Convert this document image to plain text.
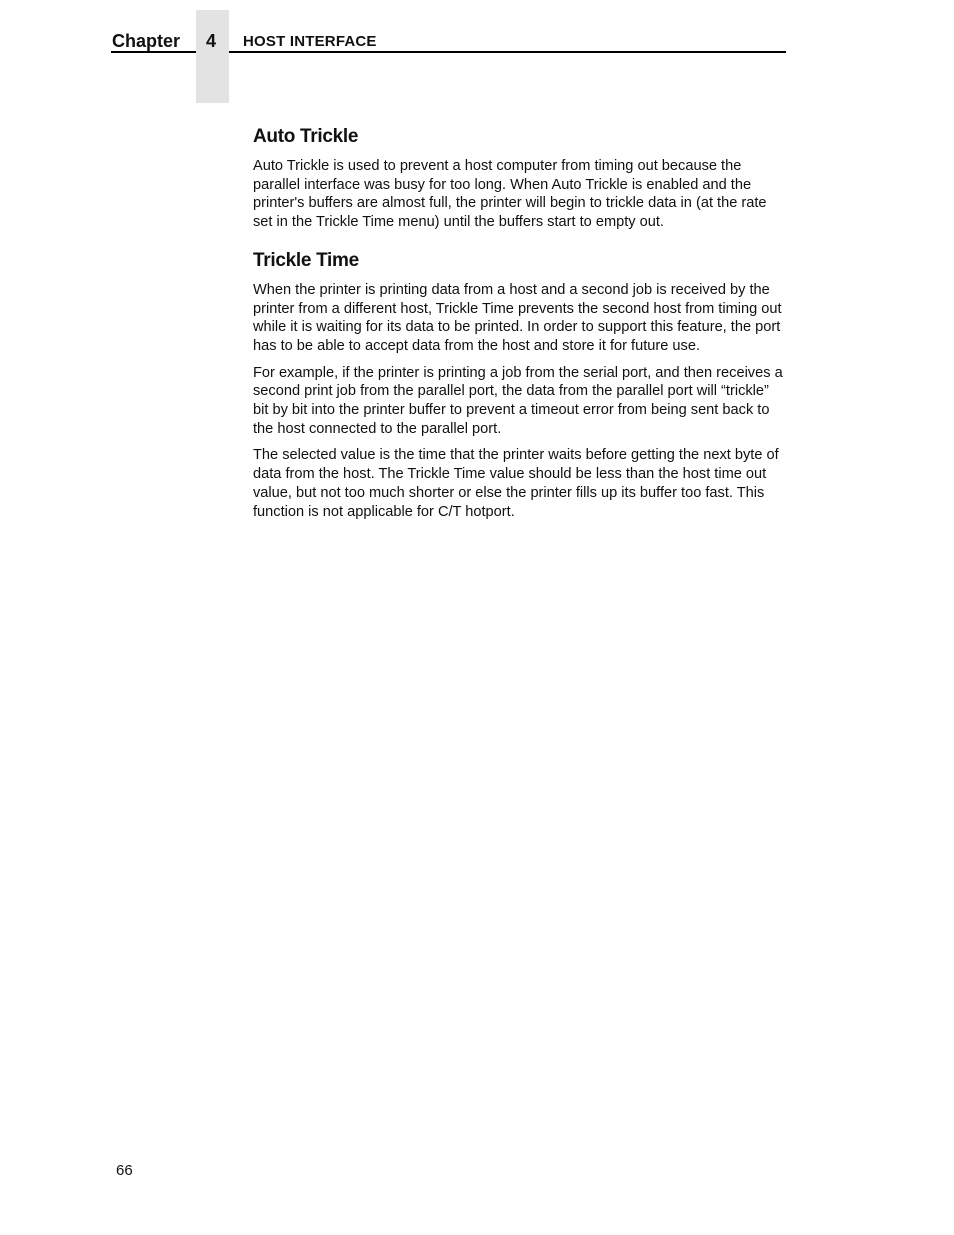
Chapter	4	HOST INTERFACE
Auto Trickle

Auto Trickle is used to prevent a host computer from timing out because the parallel interface was busy for too long. When Auto Trickle is enabled and the printer's buffers are almost full, the printer will begin to trickle data in (at the rate set in the Trickle Time menu) until the buffers start to empty out.

Trickle Time

When the printer is printing data from a host and a second job is received by the printer from a different host, Trickle Time prevents the second host from timing out while it is waiting for its data to be printed. In order to support this feature, the port has to be able to accept data from the host and store it for future use.

For example, if the printer is printing a job from the serial port, and then receives a second print job from the parallel port, the data from the parallel port will “trickle” bit by bit into the printer buffer to prevent a timeout error from being sent back to the host connected to the parallel port.

The selected value is the time that the printer waits before getting the next byte of data from the host. The Trickle Time value should be less than the host time out value, but not too much shorter or else the printer fills up its buffer too fast. This function is not applicable for C/T hotport.

66
